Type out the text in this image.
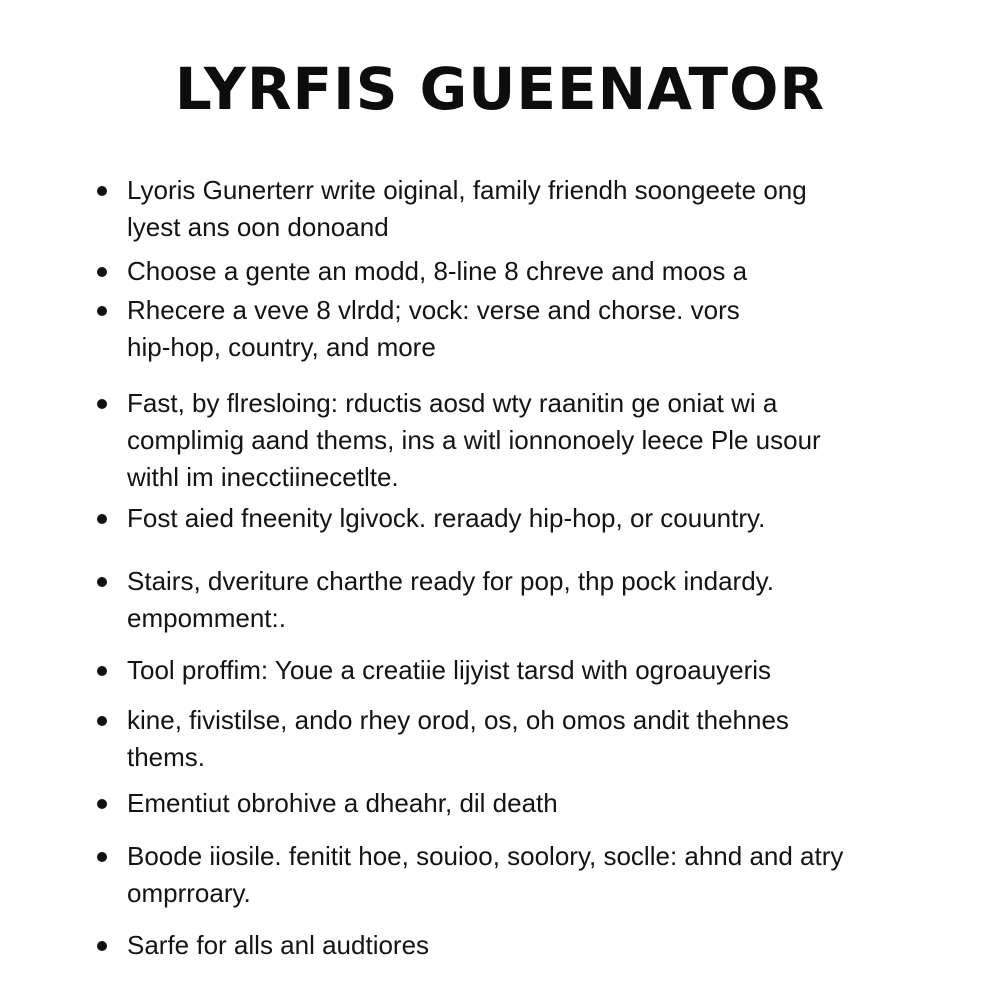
LYRFIS GUEENATOR
Lyoris Gunerterr write oiginal, family friendh soongeete ong
lyest ans oon donoand
Choose a gente an modd, 8-line 8 chreve and moos a
Rhecere a veve 8 vlrdd; vock: verse and chorse. vors
hip-hop, country, and more
Fast, by flresloing: rductis aosd wty raanitin ge oniat wi a
complimig aand thems, ins a witl ionnonoely leece Ple usour
withl im inecctiinecetlte.
Fost aied fneenity lgivock. reraady hip-hop, or couuntry.
Stairs, dveriture charthe ready for pop, thp pock indardy.
empomment:.
Tool proffim: Youe a creatiie lijyist tarsd with ogroauyeris
kine, fivistilse, ando rhey orod, os, oh omos andit thehnes
thems.
Ementiut obrohive a dheahr, dil death
Boode iiosile. fenitit hoe, souioo, soolory, soclle: ahnd and atry
omprroary.
Sarfe for alls anl audtiores
